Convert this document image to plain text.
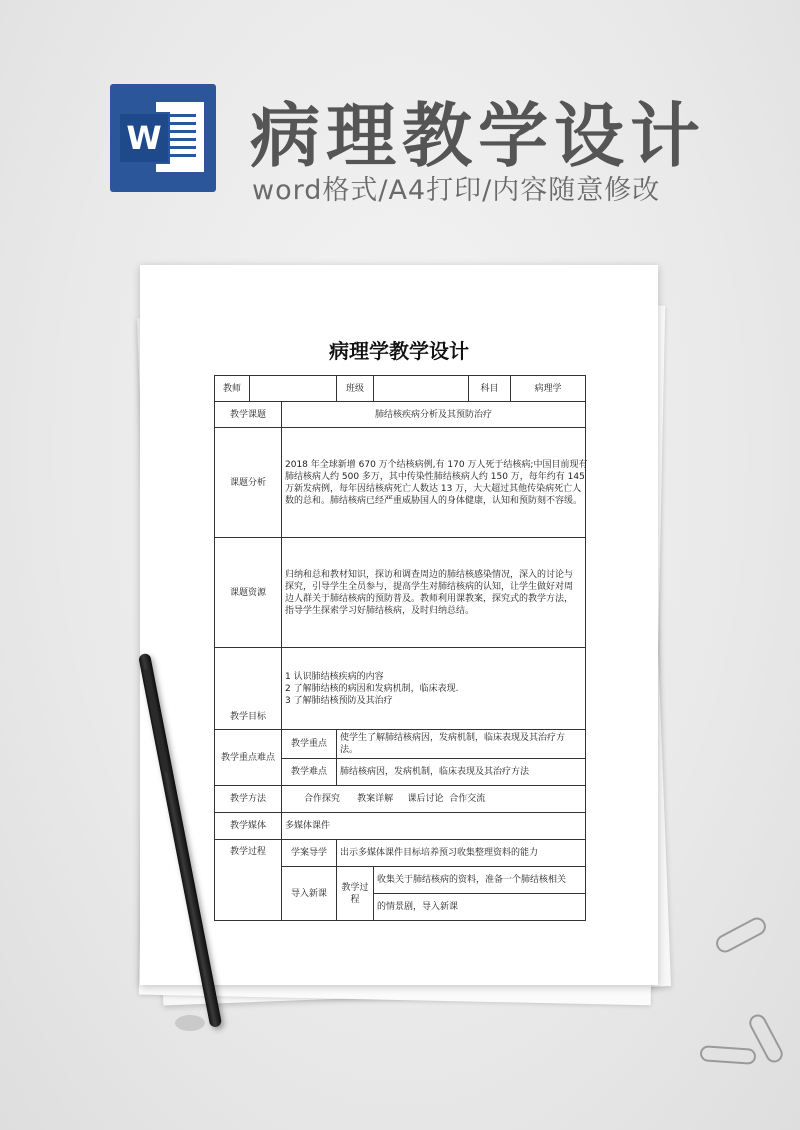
W 病理教学设计
word格式/A4打印/内容随意修改
病理学教学设计
教师			班级		科目	病理学
教学课题		肺结核疾病分析及其预防治疗				
课题分析		2018 年全球新增 670 万个结核病例,有 170 万人死于结核病;中国目前现有
肺结核病人约 500 多万，其中传染性肺结核病人约 150 万，每年约有 145
万新发病例，每年因结核病死亡人数达 13 万，大大超过其他传染病死亡人
数的总和。肺结核病已经严重威胁国人的身体健康，认知和预防刻不容缓。				

课题资源		归纳和总和教材知识，探访和调查周边的肺结核感染情况，深入的讨论与
探究，引导学生全员参与，提高学生对肺结核病的认知，让学生做好对周
边人群关于肺结核病的预防普及。教师利用课教案，探究式的教学方法，
指导学生探索学习好肺结核病，及时归纳总结。				

教学目标		1 认识肺结核疾病的内容
2 了解肺结核的病因和发病机制，临床表现.
3 了解肺结核预防及其治疗				

教学重点难点		教学重点	使学生了解肺结核病因，发病机制，临床表现及其治疗方法。			
		教学难点	肺结核病因，发病机制，临床表现及其治疗方法			
教学方法		合作探究      教案详解     课后讨论  合作交流				
教学媒体		多媒体课件				
教学过程		学案导学	出示多媒体课件目标培养预习收集整理资料的能力			
		导入新课	教学过程	收集关于肺结核病的资料，准备一个肺结核相关		
				的情景剧，导入新课		
